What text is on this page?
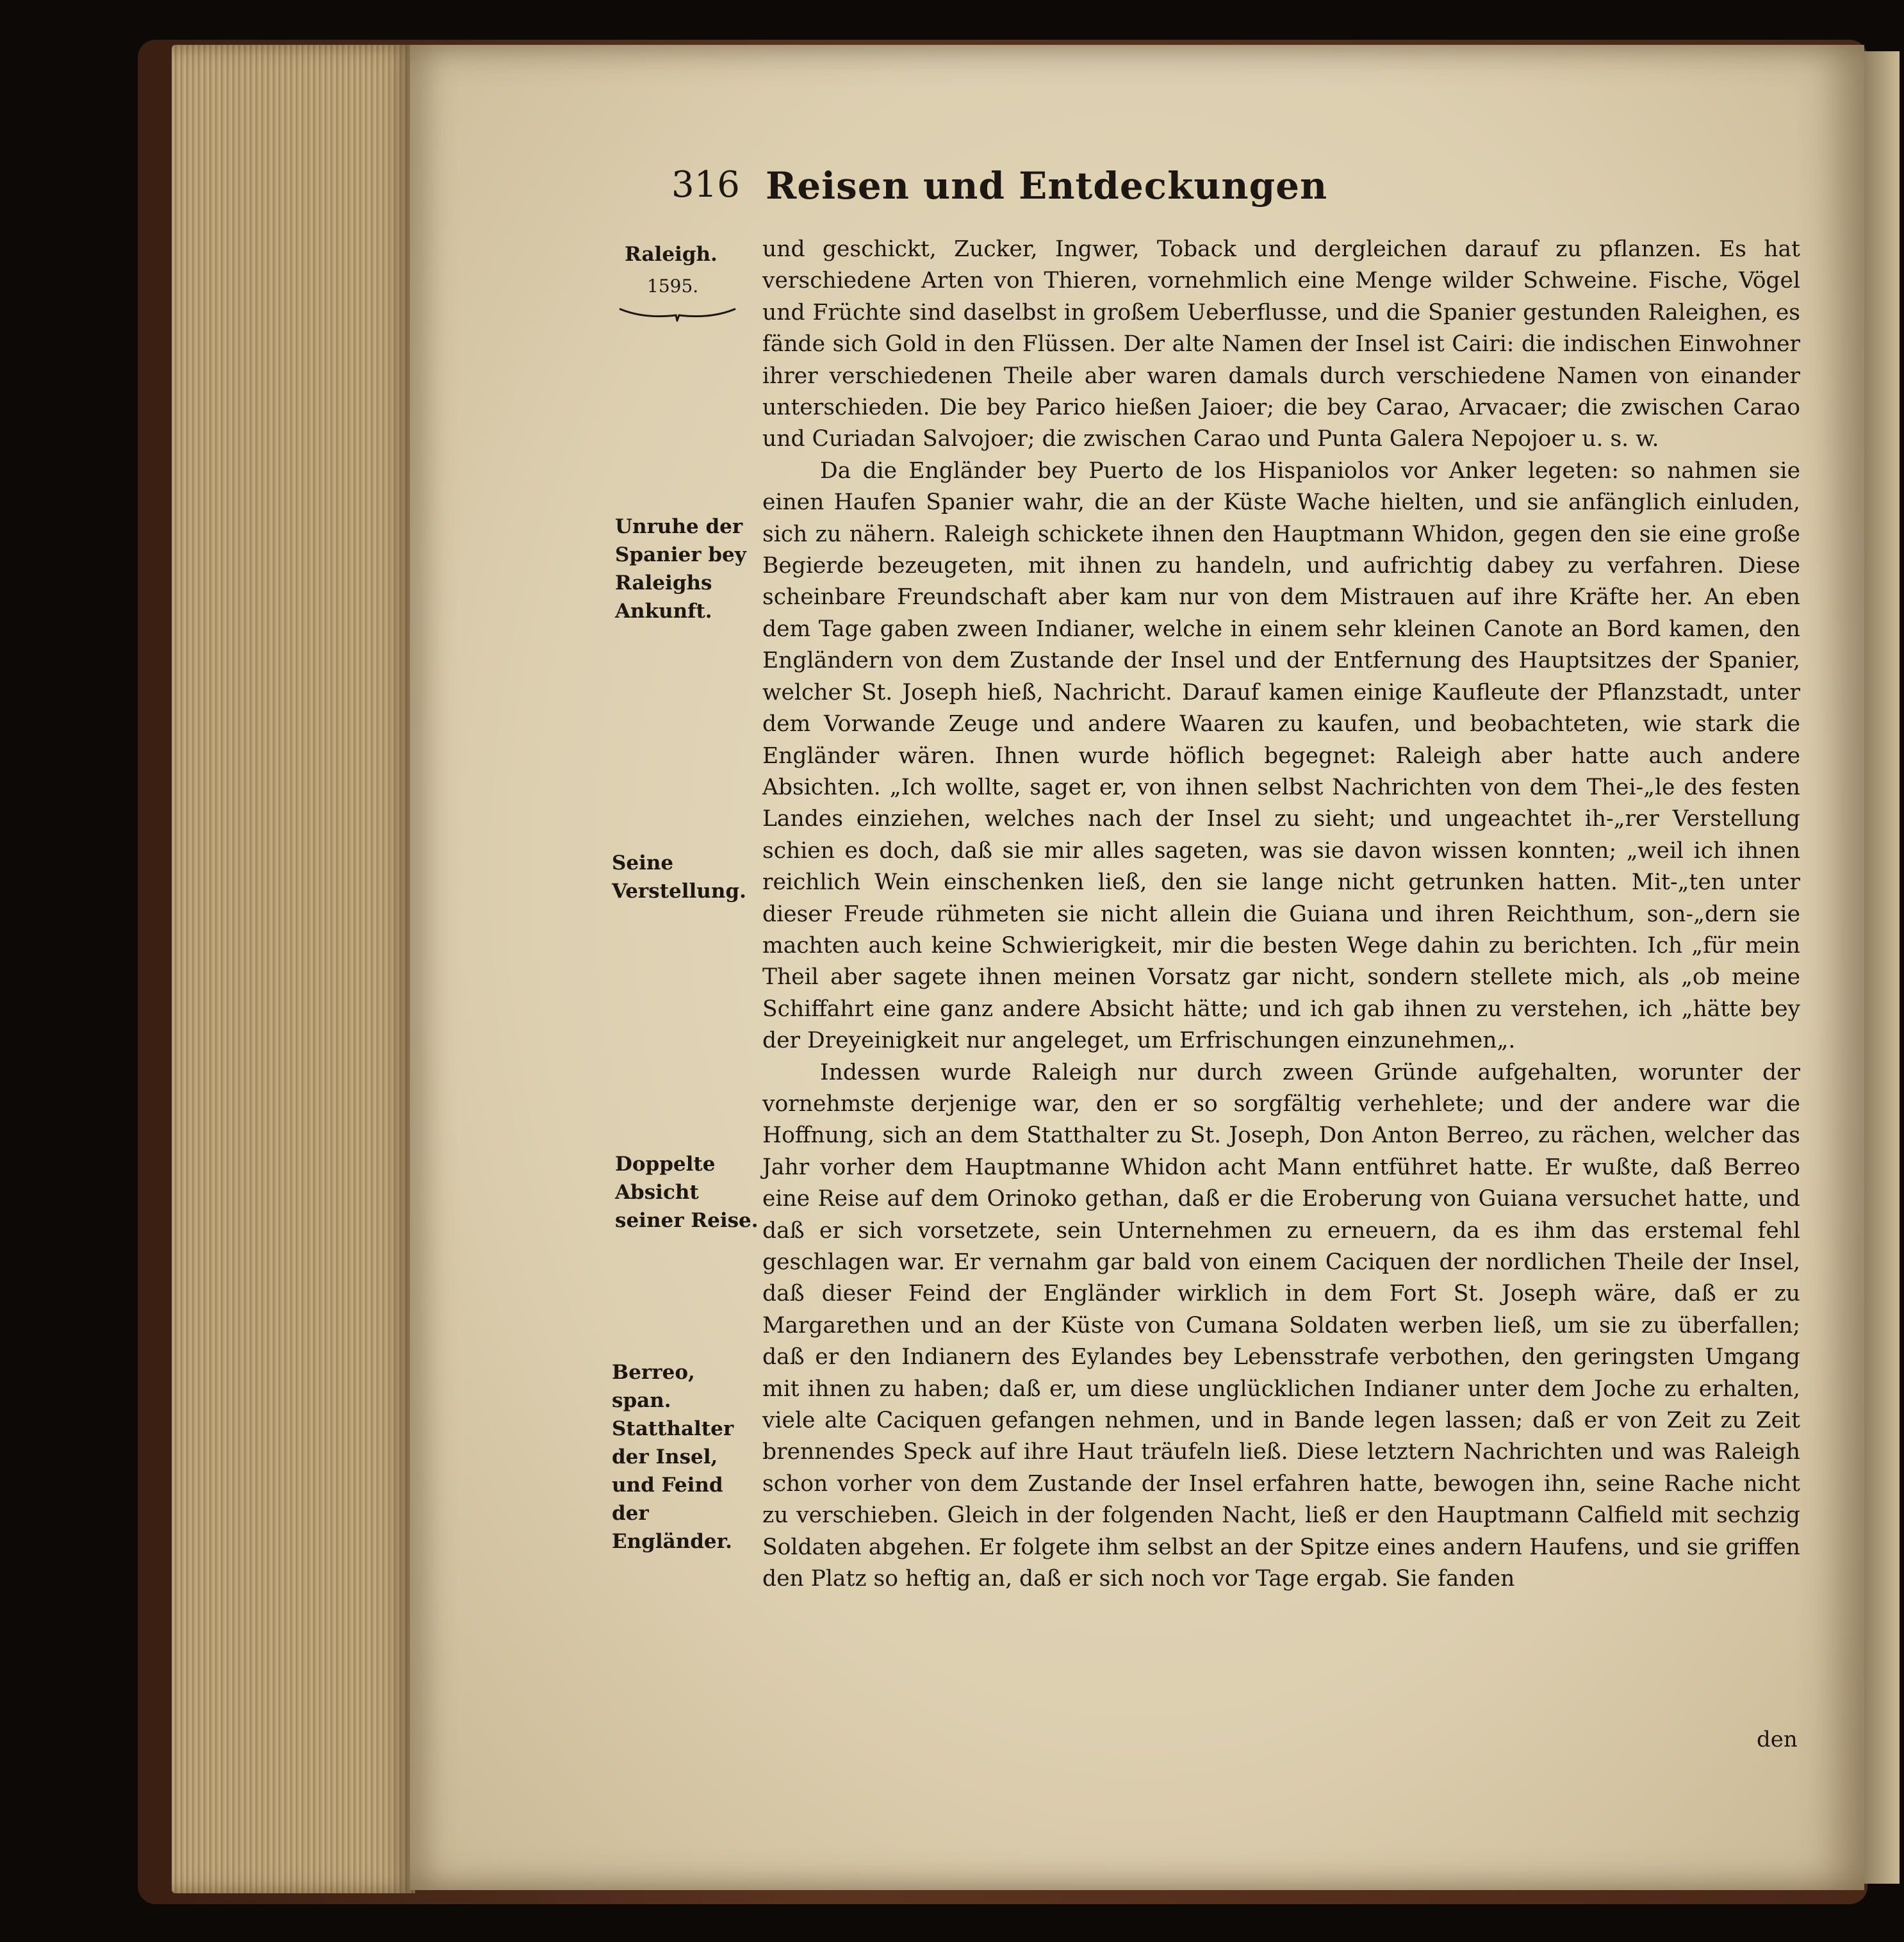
316 Reisen und Entdeckungen
Raleigh.
1595.
Unruhe der Spanier bey Raleighs Ankunft.
Seine Verstellung.
Doppelte Absicht seiner Reise.
Berreo, span. Statthalter der Insel, und Feind der Engländer.

und geschickt, Zucker, Ingwer, Toback und dergleichen darauf zu pflanzen. Es hat verschiedene Arten von Thieren, vornehmlich eine Menge wilder Schweine. Fische, Vögel und Früchte sind daselbst in großem Ueberflusse, und die Spanier gestunden Raleighen, es fände sich Gold in den Flüssen. Der alte Namen der Insel ist Cairi: die indischen Einwohner ihrer verschiedenen Theile aber waren damals durch verschiedene Namen von einander unterschieden. Die bey Parico hießen Jaioer; die bey Carao, Arvacaer; die zwischen Carao und Curiadan Salvojoer; die zwischen Carao und Punta Galera Nepojoer u. s. w.

Da die Engländer bey Puerto de los Hispaniolos vor Anker legeten: so nahmen sie einen Haufen Spanier wahr, die an der Küste Wache hielten, und sie anfänglich einluden, sich zu nähern. Raleigh schickete ihnen den Hauptmann Whidon, gegen den sie eine große Begierde bezeugeten, mit ihnen zu handeln, und aufrichtig dabey zu verfahren. Diese scheinbare Freundschaft aber kam nur von dem Mistrauen auf ihre Kräfte her. An eben dem Tage gaben zween Indianer, welche in einem sehr kleinen Canote an Bord kamen, den Engländern von dem Zustande der Insel und der Entfernung des Hauptsitzes der Spanier, welcher St. Joseph hieß, Nachricht. Darauf kamen einige Kaufleute der Pflanzstadt, unter dem Vorwande Zeuge und andere Waaren zu kaufen, und beobachteten, wie stark die Engländer wären. Ihnen wurde höflich begegnet: Raleigh aber hatte auch andere Absichten. „Ich wollte, saget er, von ihnen selbst Nachrichten von dem Thei-„le des festen Landes einziehen, welches nach der Insel zu sieht; und ungeachtet ih-„rer Verstellung schien es doch, daß sie mir alles sageten, was sie davon wissen konnten; „weil ich ihnen reichlich Wein einschenken ließ, den sie lange nicht getrunken hatten. Mit-„ten unter dieser Freude rühmeten sie nicht allein die Guiana und ihren Reichthum, son-„dern sie machten auch keine Schwierigkeit, mir die besten Wege dahin zu berichten. Ich „für mein Theil aber sagete ihnen meinen Vorsatz gar nicht, sondern stellete mich, als „ob meine Schiffahrt eine ganz andere Absicht hätte; und ich gab ihnen zu verstehen, ich „hätte bey der Dreyeinigkeit nur angeleget, um Erfrischungen einzunehmen„.

Indessen wurde Raleigh nur durch zween Gründe aufgehalten, worunter der vornehmste derjenige war, den er so sorgfältig verhehlete; und der andere war die Hoffnung, sich an dem Statthalter zu St. Joseph, Don Anton Berreo, zu rächen, welcher das Jahr vorher dem Hauptmanne Whidon acht Mann entführet hatte. Er wußte, daß Berreo eine Reise auf dem Orinoko gethan, daß er die Eroberung von Guiana versuchet hatte, und daß er sich vorsetzete, sein Unternehmen zu erneuern, da es ihm das erstemal fehl geschlagen war. Er vernahm gar bald von einem Caciquen der nordlichen Theile der Insel, daß dieser Feind der Engländer wirklich in dem Fort St. Joseph wäre, daß er zu Margarethen und an der Küste von Cumana Soldaten werben ließ, um sie zu überfallen; daß er den Indianern des Eylandes bey Lebensstrafe verbothen, den geringsten Umgang mit ihnen zu haben; daß er, um diese unglücklichen Indianer unter dem Joche zu erhalten, viele alte Caciquen gefangen nehmen, und in Bande legen lassen; daß er von Zeit zu Zeit brennendes Speck auf ihre Haut träufeln ließ. Diese letztern Nachrichten und was Raleigh schon vorher von dem Zustande der Insel erfahren hatte, bewogen ihn, seine Rache nicht zu verschieben. Gleich in der folgenden Nacht, ließ er den Hauptmann Calfield mit sechzig Soldaten abgehen. Er folgete ihm selbst an der Spitze eines andern Haufens, und sie griffen den Platz so heftig an, daß er sich noch vor Tage ergab. Sie fanden

den
